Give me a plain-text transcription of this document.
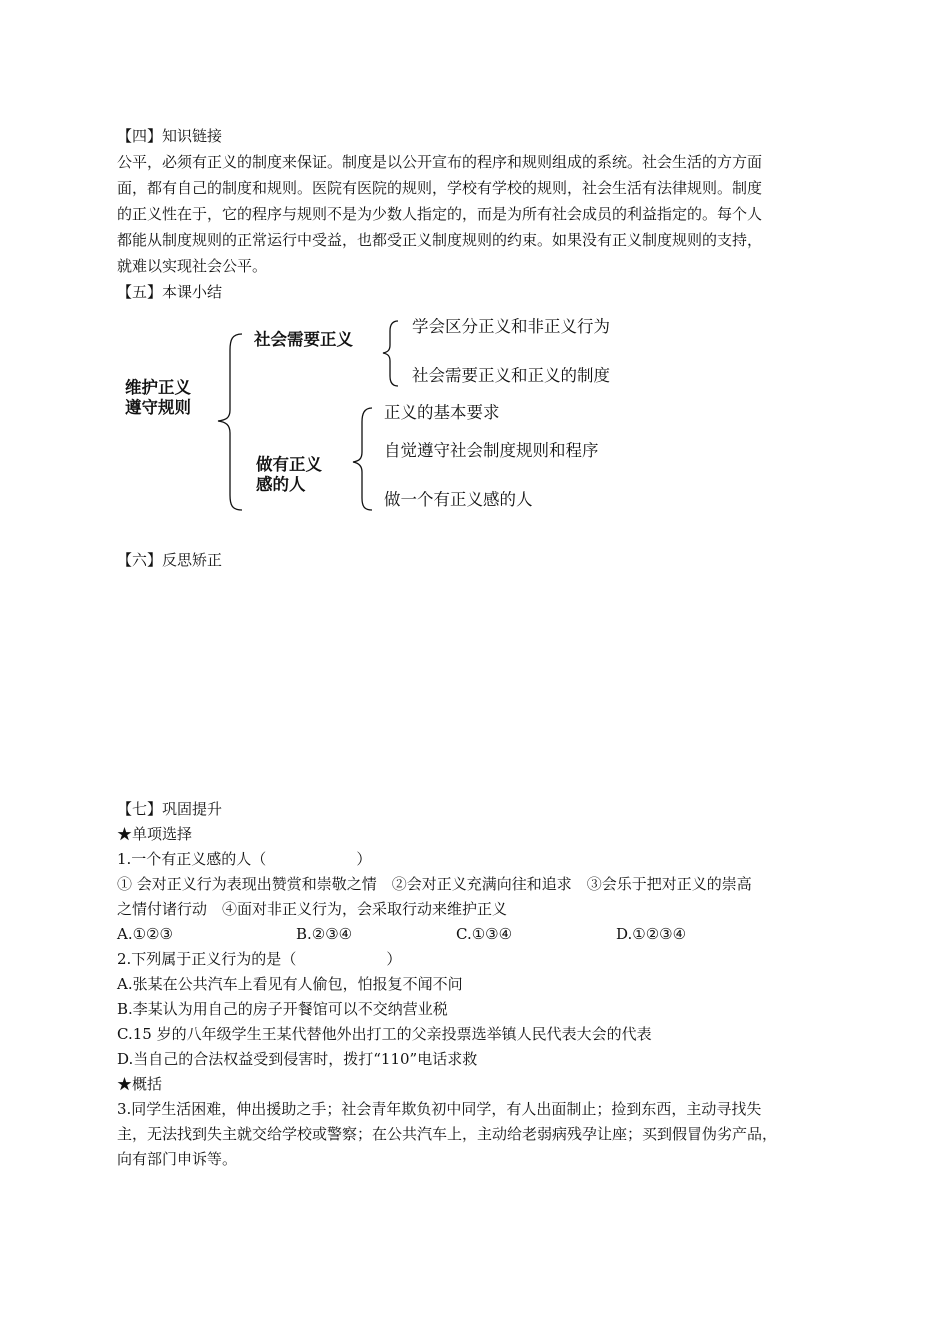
【四】知识链接
公平，必须有正义的制度来保证。制度是以公开宣布的程序和规则组成的系统。社会生活的方方面
面，都有自己的制度和规则。医院有医院的规则，学校有学校的规则，社会生活有法律规则。制度
的正义性在于，它的程序与规则不是为少数人指定的，而是为所有社会成员的利益指定的。每个人
都能从制度规则的正常运行中受益，也都受正义制度规则的约束。如果没有正义制度规则的支持，
就难以实现社会公平。
【五】本课小结
维护正义
遵守规则
社会需要正义
学会区分正义和非正义行为
社会需要正义和正义的制度
做有正义
感的人
正义的基本要求
自觉遵守社会制度规则和程序
做一个有正义感的人
【六】反思矫正
【七】巩固提升
★单项选择
1.一个有正义感的人（　　　　　　）
① 会对正义行为表现出赞赏和崇敬之情　②会对正义充满向往和追求　③会乐于把对正义的崇高
之情付诸行动　④面对非正义行为，会采取行动来维护正义
A.①②③	B.②③④	C.①③④	D.①②③④
2.下列属于正义行为的是（　　　　　　）
A.张某在公共汽车上看见有人偷包，怕报复不闻不问
B.李某认为用自己的房子开餐馆可以不交纳营业税
C.15 岁的八年级学生王某代替他外出打工的父亲投票选举镇人民代表大会的代表
D.当自己的合法权益受到侵害时，拨打“110”电话求救
★概括
3.同学生活困难，伸出援助之手；社会青年欺负初中同学，有人出面制止；捡到东西，主动寻找失
主，无法找到失主就交给学校或警察；在公共汽车上，主动给老弱病残孕让座；买到假冒伪劣产品，
向有部门申诉等。
